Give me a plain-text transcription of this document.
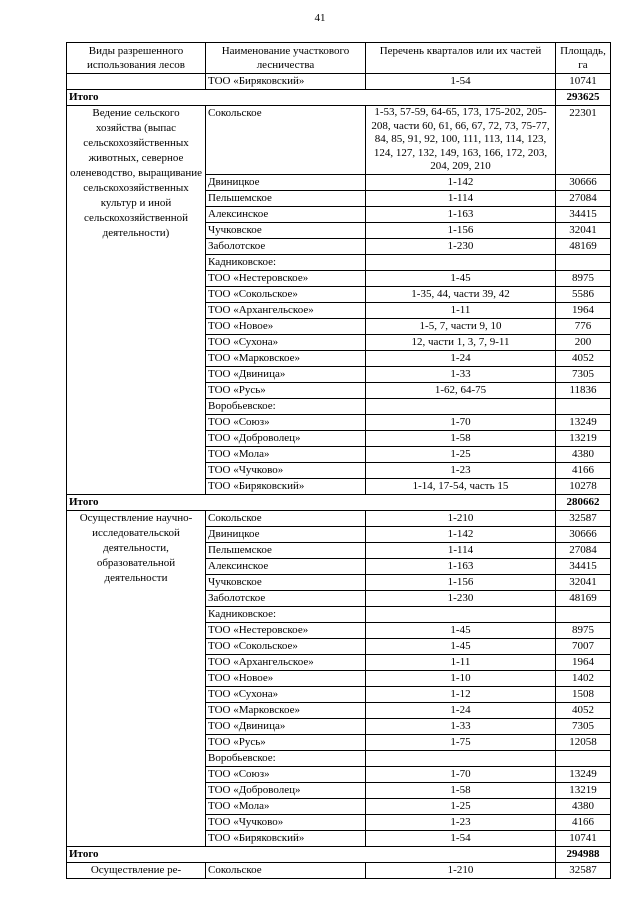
41
Виды разрешенного использования лесов	Наименование участкового лесничества	Перечень кварталов или их частей	Площадь, га
	ТОО «Биряковский»	1-54	10741
Итого			293625
Ведение сельского хозяйства (выпас сельскохозяйственных животных, северное оленеводство, выращивание сельскохозяйственных культур и иной сельскохозяйственной деятельности)	Сокольское	1-53, 57-59, 64-65, 173, 175-202, 205-208, части 60, 61, 66, 67, 72, 73, 75-77, 84, 85, 91, 92, 100, 111, 113, 114, 123, 124, 127, 132, 149, 163, 166, 172, 203, 204, 209, 210	22301
	Двиницкое	1-142	30666
	Пельшемское	1-114	27084
	Алексинское	1-163	34415
	Чучковское	1-156	32041
	Заболотское	1-230	48169
	Кадниковское:		
	ТОО «Нестеровское»	1-45	8975
	ТОО «Сокольское»	1-35, 44, части 39, 42	5586
	ТОО «Архангельское»	1-11	1964
	ТОО «Новое»	1-5, 7, части 9, 10	776
	ТОО «Сухона»	12, части 1, 3, 7, 9-11	200
	ТОО «Марковское»	1-24	4052
	ТОО «Двиница»	1-33	7305
	ТОО «Русь»	1-62, 64-75	11836
	Воробьевское:		
	ТОО «Союз»	1-70	13249
	ТОО «Доброволец»	1-58	13219
	ТОО «Мола»	1-25	4380
	ТОО «Чучково»	1-23	4166
	ТОО «Биряковский»	1-14, 17-54, часть 15	10278
Итого			280662
Осуществление научно-исследовательской деятельности, образовательной деятельности	Сокольское	1-210	32587
	Двиницкое	1-142	30666
	Пельшемское	1-114	27084
	Алексинское	1-163	34415
	Чучковское	1-156	32041
	Заболотское	1-230	48169
	Кадниковское:		
	ТОО «Нестеровское»	1-45	8975
	ТОО «Сокольское»	1-45	7007
	ТОО «Архангельское»	1-11	1964
	ТОО «Новое»	1-10	1402
	ТОО «Сухона»	1-12	1508
	ТОО «Марковское»	1-24	4052
	ТОО «Двиница»	1-33	7305
	ТОО «Русь»	1-75	12058
	Воробьевское:		
	ТОО «Союз»	1-70	13249
	ТОО «Доброволец»	1-58	13219
	ТОО «Мола»	1-25	4380
	ТОО «Чучково»	1-23	4166
	ТОО «Биряковский»	1-54	10741
Итого			294988
Осуществление ре-	Сокольское	1-210	32587
